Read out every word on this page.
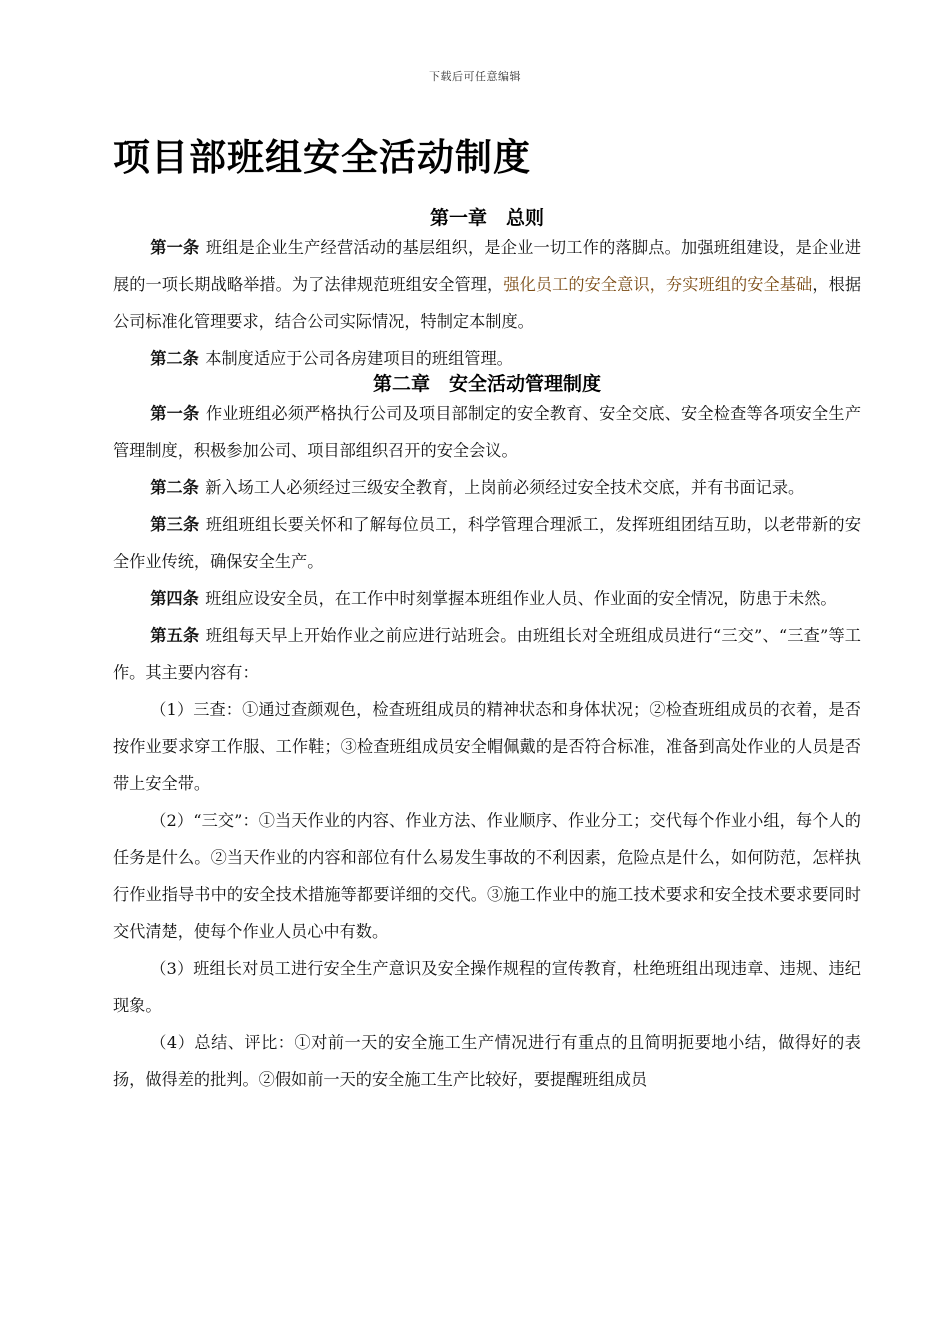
下载后可任意编辑
项目部班组安全活动制度
第一章　总则

第一条 班组是企业生产经营活动的基层组织，是企业一切工作的落脚点。加强班组建设，是企业进展的一项长期战略举措。为了法律规范班组安全管理，强化员工的安全意识，夯实班组的安全基础，根据公司标准化管理要求，结合公司实际情况，特制定本制度。

第二条 本制度适应于公司各房建项目的班组管理。

第二章　安全活动管理制度

第一条 作业班组必须严格执行公司及项目部制定的安全教育、安全交底、安全检查等各项安全生产管理制度，积极参加公司、项目部组织召开的安全会议。

第二条 新入场工人必须经过三级安全教育，上岗前必须经过安全技术交底，并有书面记录。

第三条 班组班组长要关怀和了解每位员工，科学管理合理派工，发挥班组团结互助，以老带新的安全作业传统，确保安全生产。

第四条 班组应设安全员，在工作中时刻掌握本班组作业人员、作业面的安全情况，防患于未然。

第五条 班组每天早上开始作业之前应进行站班会。由班组长对全班组成员进行“三交”、“三查”等工作。其主要内容有：

（1）三查：①通过查颜观色，检查班组成员的精神状态和身体状况；②检查班组成员的衣着，是否按作业要求穿工作服、工作鞋；③检查班组成员安全帽佩戴的是否符合标准，准备到高处作业的人员是否带上安全带。

（2）“三交”：①当天作业的内容、作业方法、作业顺序、作业分工；交代每个作业小组，每个人的任务是什么。②当天作业的内容和部位有什么易发生事故的不利因素，危险点是什么，如何防范，怎样执行作业指导书中的安全技术措施等都要详细的交代。③施工作业中的施工技术要求和安全技术要求要同时交代清楚，使每个作业人员心中有数。

（3）班组长对员工进行安全生产意识及安全操作规程的宣传教育，杜绝班组出现违章、违规、违纪现象。

（4）总结、评比：①对前一天的安全施工生产情况进行有重点的且简明扼要地小结，做得好的表扬，做得差的批判。②假如前一天的安全施工生产比较好，要提醒班组成员
